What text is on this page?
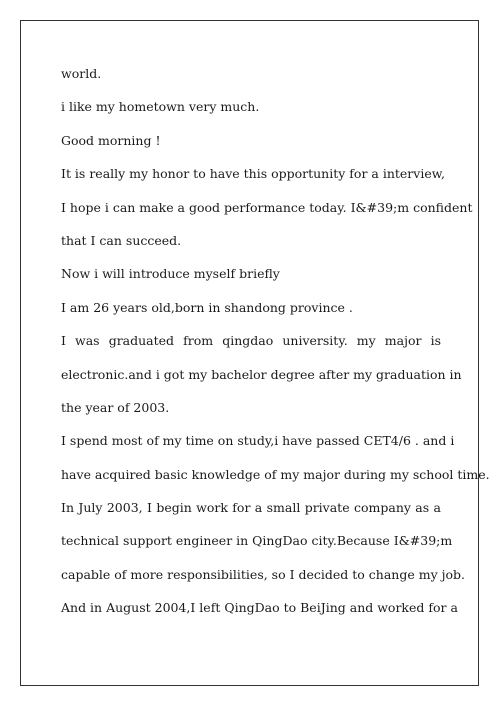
world.
i like my hometown very much.
Good morning !
It is really my honor to have this opportunity for a interview,
I hope i can make a good performance today. I&#39;m confident
that I can succeed.
Now i will introduce myself briefly
I am 26 years old,born in shandong province .
I was graduated from qingdao university. my major is
electronic.and i got my bachelor degree after my graduation in
the year of 2003.
I spend most of my time on study,i have passed CET4/6 . and i
have acquired basic knowledge of my major during my school time.
In July 2003, I begin work for a small private company as a
technical support engineer in QingDao city.Because I&#39;m
capable of more responsibilities, so I decided to change my job.
And in August 2004,I left QingDao to BeiJing and worked for a
